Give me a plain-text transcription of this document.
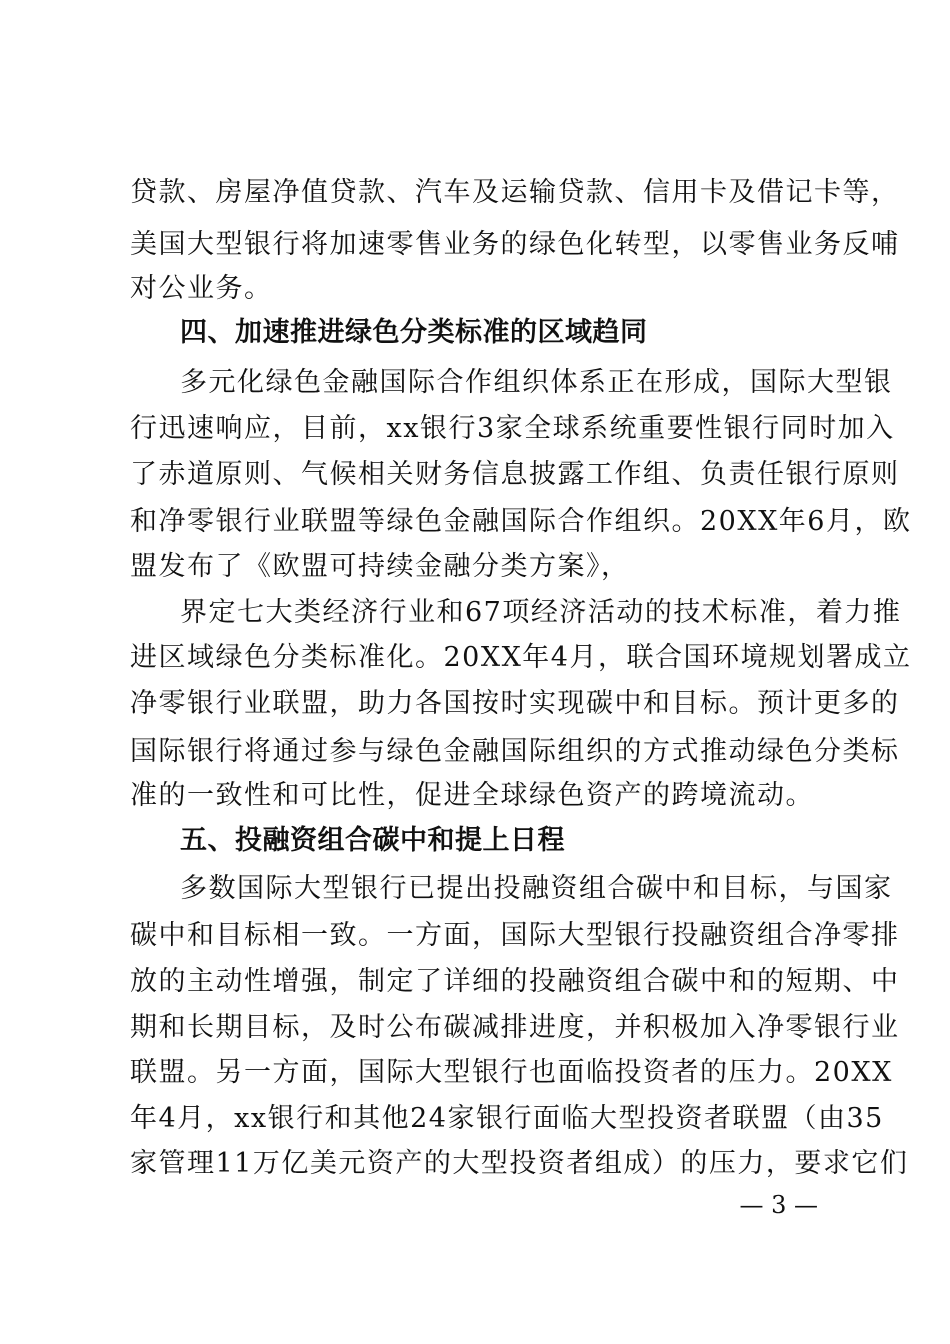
贷款、房屋净值贷款、汽车及运输贷款、信用卡及借记卡等，
美国大型银行将加速零售业务的绿色化转型，以零售业务反哺
对公业务。
四、加速推进绿色分类标准的区域趋同
多元化绿色金融国际合作组织体系正在形成，国际大型银
行迅速响应，目前，xx银行3家全球系统重要性银行同时加入
了赤道原则、气候相关财务信息披露工作组、负责任银行原则
和净零银行业联盟等绿色金融国际合作组织。20XX年6月，欧
盟发布了《欧盟可持续金融分类方案》，
界定七大类经济行业和67项经济活动的技术标准，着力推
进区域绿色分类标准化。20XX年4月，联合国环境规划署成立
净零银行业联盟，助力各国按时实现碳中和目标。预计更多的
国际银行将通过参与绿色金融国际组织的方式推动绿色分类标
准的一致性和可比性，促进全球绿色资产的跨境流动。
五、投融资组合碳中和提上日程
多数国际大型银行已提出投融资组合碳中和目标，与国家
碳中和目标相一致。一方面，国际大型银行投融资组合净零排
放的主动性增强，制定了详细的投融资组合碳中和的短期、中
期和长期目标，及时公布碳减排进度，并积极加入净零银行业
联盟。另一方面，国际大型银行也面临投资者的压力。20XX
年4月，xx银行和其他24家银行面临大型投资者联盟（由35
家管理11万亿美元资产的大型投资者组成）的压力，要求它们
— 3 —
